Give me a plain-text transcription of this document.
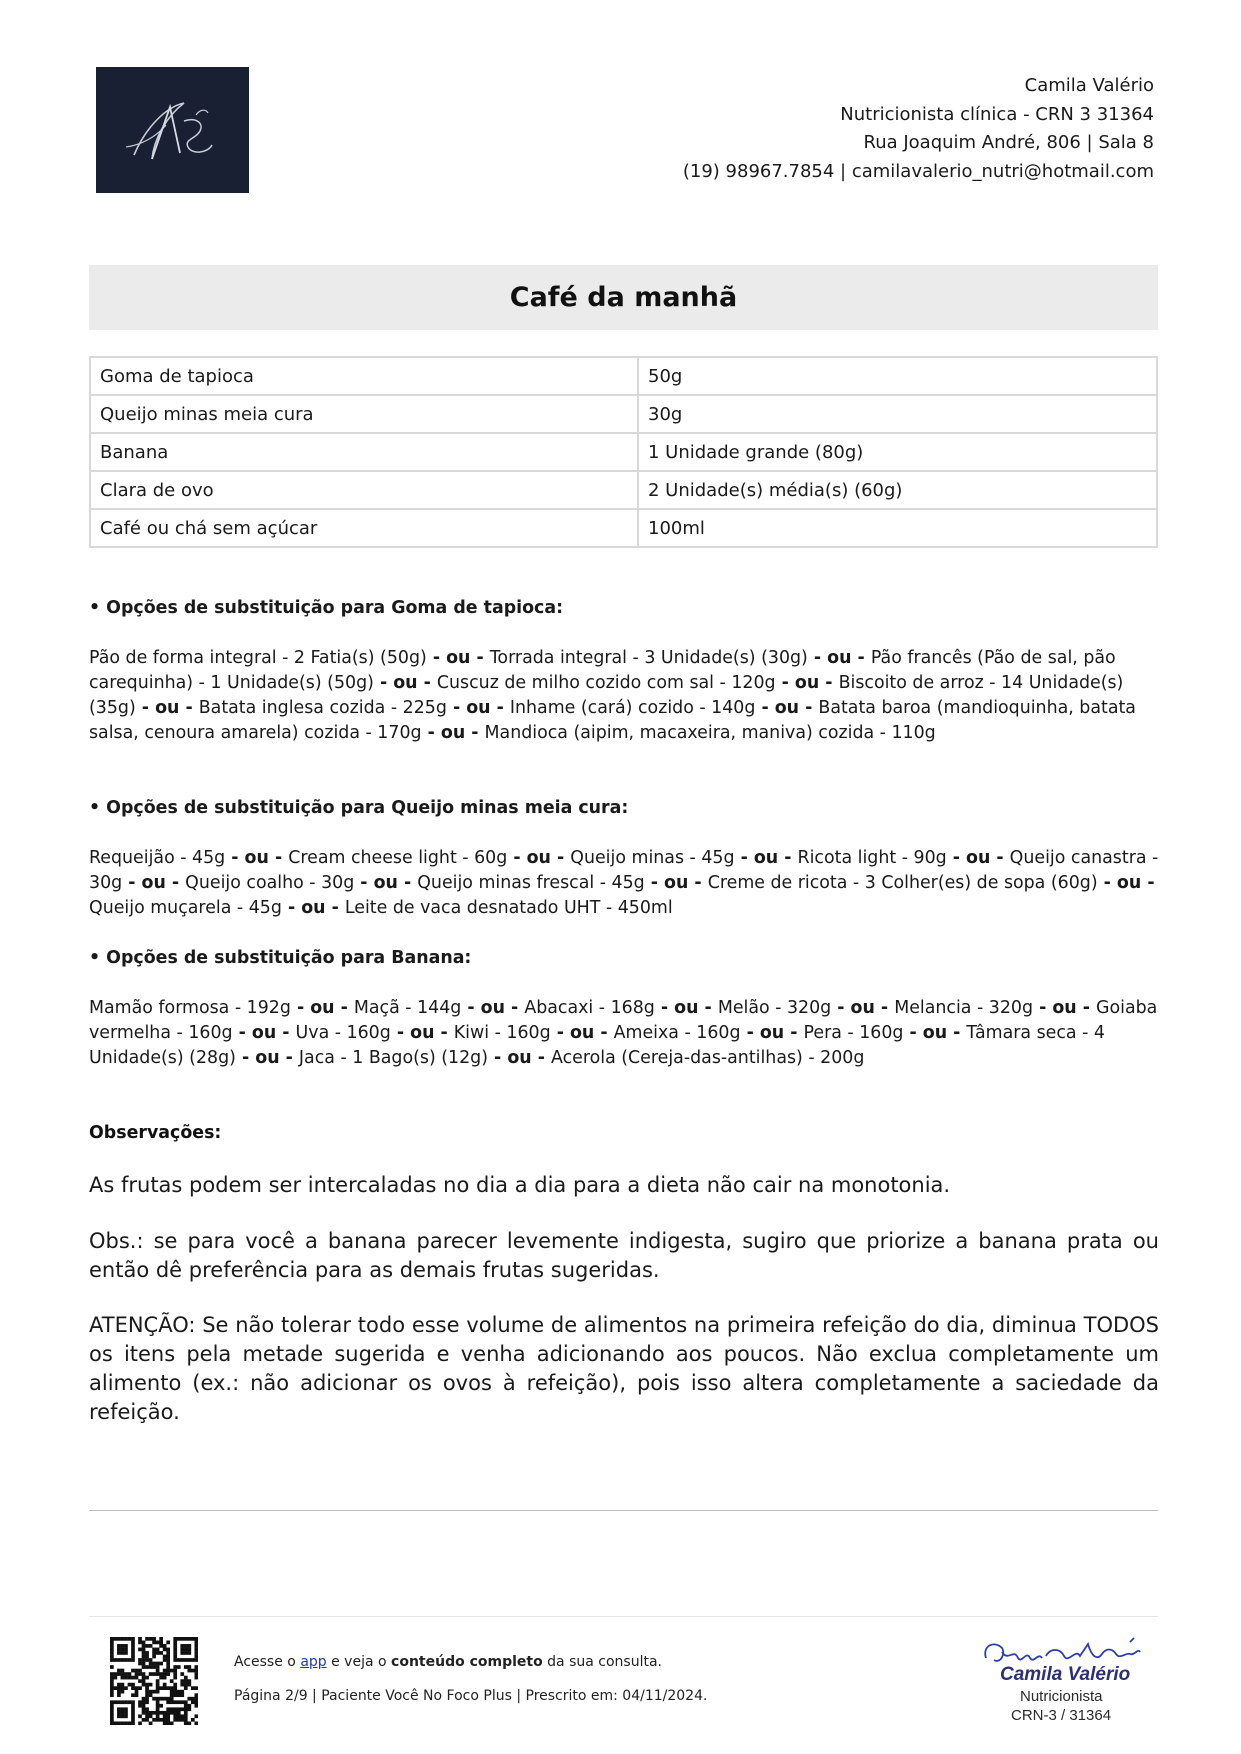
CV
Camila Valério
Nutricionista clínica - CRN 3 31364
Rua Joaquim André, 806 | Sala 8
(19) 98967.7854 | camilavalerio_nutri@hotmail.com
Café da manhã
Goma de tapioca	50g
Queijo minas meia cura	30g
Banana	1 Unidade grande (80g)
Clara de ovo	2 Unidade(s) média(s) (60g)
Café ou chá sem açúcar	100ml
• Opções de substituição para Goma de tapioca:
Pão de forma integral - 2 Fatia(s) (50g) - ou - Torrada integral - 3 Unidade(s) (30g) - ou - Pão francês (Pão de sal, pão carequinha) - 1 Unidade(s) (50g) - ou - Cuscuz de milho cozido com sal - 120g - ou - Biscoito de arroz - 14 Unidade(s) (35g) - ou - Batata inglesa cozida - 225g - ou - Inhame (cará) cozido - 140g - ou - Batata baroa (mandioquinha, batata salsa, cenoura amarela) cozida - 170g - ou - Mandioca (aipim, macaxeira, maniva) cozida - 110g
• Opções de substituição para Queijo minas meia cura:
Requeijão - 45g - ou - Cream cheese light - 60g - ou - Queijo minas - 45g - ou - Ricota light - 90g - ou - Queijo canastra - 30g - ou - Queijo coalho - 30g - ou - Queijo minas frescal - 45g - ou - Creme de ricota - 3 Colher(es) de sopa (60g) - ou - Queijo muçarela - 45g - ou - Leite de vaca desnatado UHT - 450ml
• Opções de substituição para Banana:
Mamão formosa - 192g - ou - Maçã - 144g - ou - Abacaxi - 168g - ou - Melão - 320g - ou - Melancia - 320g - ou - Goiaba vermelha - 160g - ou - Uva - 160g - ou - Kiwi - 160g - ou - Ameixa - 160g - ou - Pera - 160g - ou - Tâmara seca - 4 Unidade(s) (28g) - ou - Jaca - 1 Bago(s) (12g) - ou - Acerola (Cereja-das-antilhas) - 200g
Observações:
As frutas podem ser intercaladas no dia a dia para a dieta não cair na monotonia.
Obs.: se para você a banana parecer levemente indigesta, sugiro que priorize a banana prata ou então dê preferência para as demais frutas sugeridas.
ATENÇÃO: Se não tolerar todo esse volume de alimentos na primeira refeição do dia, diminua TODOS os itens pela metade sugerida e venha adicionando aos poucos. Não exclua completamente um alimento (ex.: não adicionar os ovos à refeição), pois isso altera completamente a saciedade da refeição.
Acesse o app e veja o conteúdo completo da sua consulta.
Página 2/9 | Paciente Você No Foco Plus | Prescrito em: 04/11/2024.
Camila Valério
Nutricionista
CRN-3 / 31364
